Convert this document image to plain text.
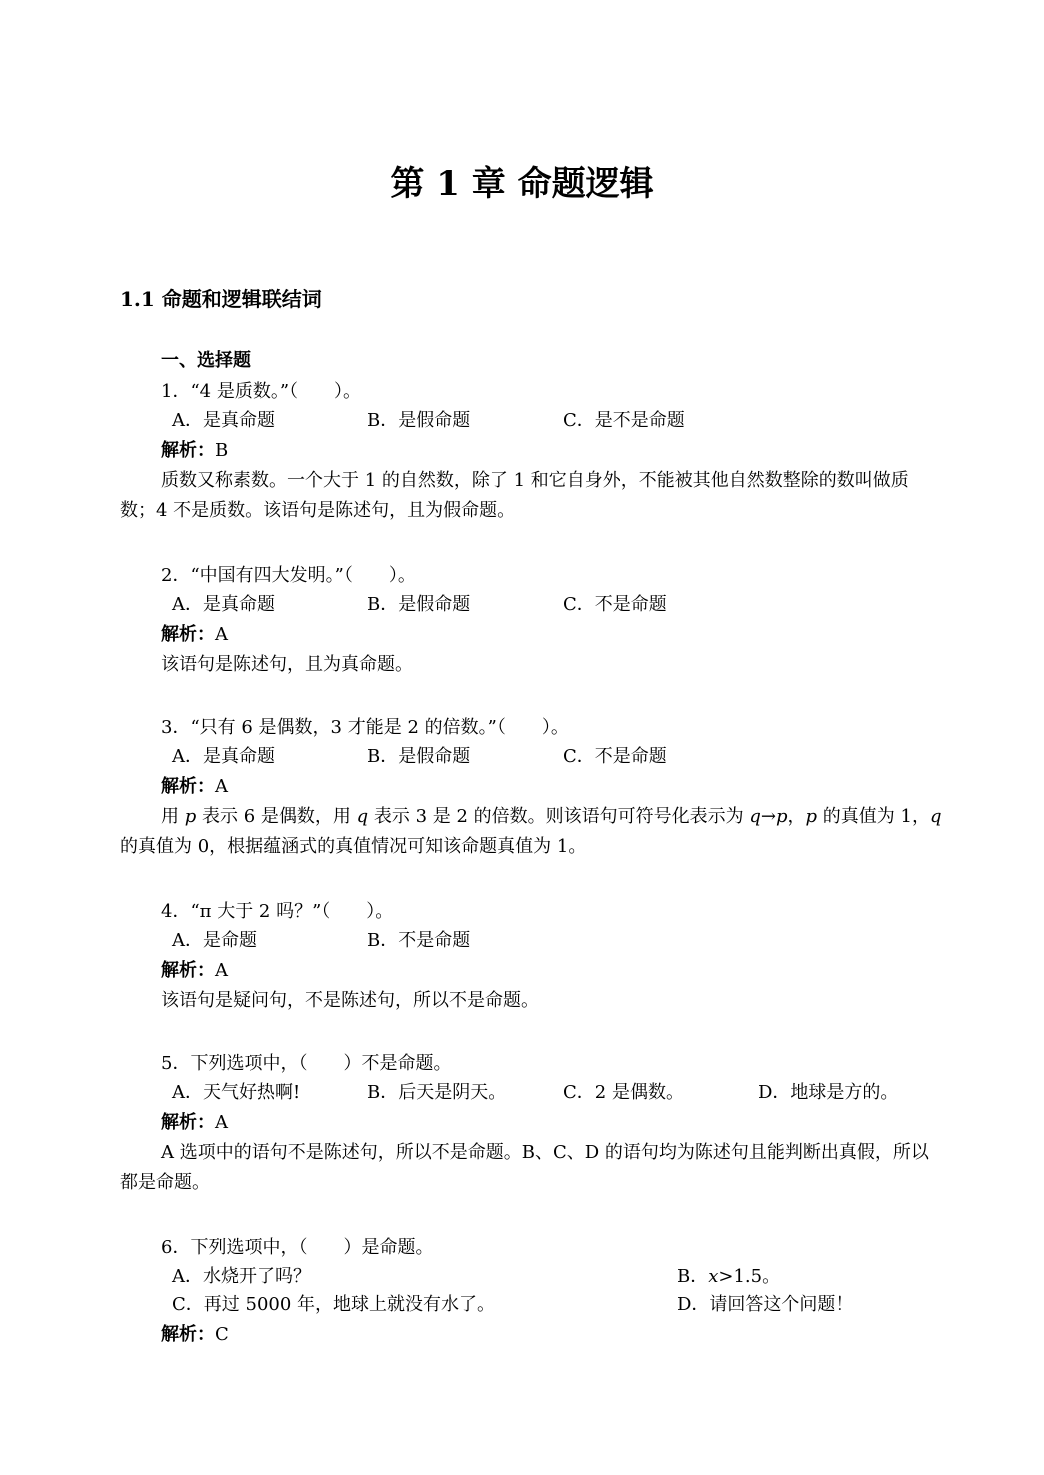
第 1 章 命题逻辑
1.1 命题和逻辑联结词
一、选择题
1．“4 是质数。”（　　）。
A．是真命题	B．是假命题	C．是不是命题
解析：B
质数又称素数。一个大于 1 的自然数，除了 1 和它自身外，不能被其他自然数整除的数叫做质数；4 不是质数。该语句是陈述句，且为假命题。
2．“中国有四大发明。”（　　）。
A．是真命题	B．是假命题	C．不是命题
解析：A
该语句是陈述句，且为真命题。
3．“只有 6 是偶数，3 才能是 2 的倍数。”（　　）。
A．是真命题	B．是假命题	C．不是命题
解析：A
用 p 表示 6 是偶数，用 q 表示 3 是 2 的倍数。则该语句可符号化表示为 q→p，p 的真值为 1，q 的真值为 0，根据蕴涵式的真值情况可知该命题真值为 1。
4．“π 大于 2 吗？”（　　）。
A．是命题	B．不是命题
解析：A
该语句是疑问句，不是陈述句，所以不是命题。
5．下列选项中，（　　）不是命题。
A．天气好热啊!	B．后天是阴天。	C．2 是偶数。	D．地球是方的。
解析：A
A 选项中的语句不是陈述句，所以不是命题。B、C、D 的语句均为陈述句且能判断出真假，所以都是命题。
6．下列选项中，（　　）是命题。
A．水烧开了吗？	B．x>1.5。
C．再过 5000 年，地球上就没有水了。	D．请回答这个问题！
解析：C
